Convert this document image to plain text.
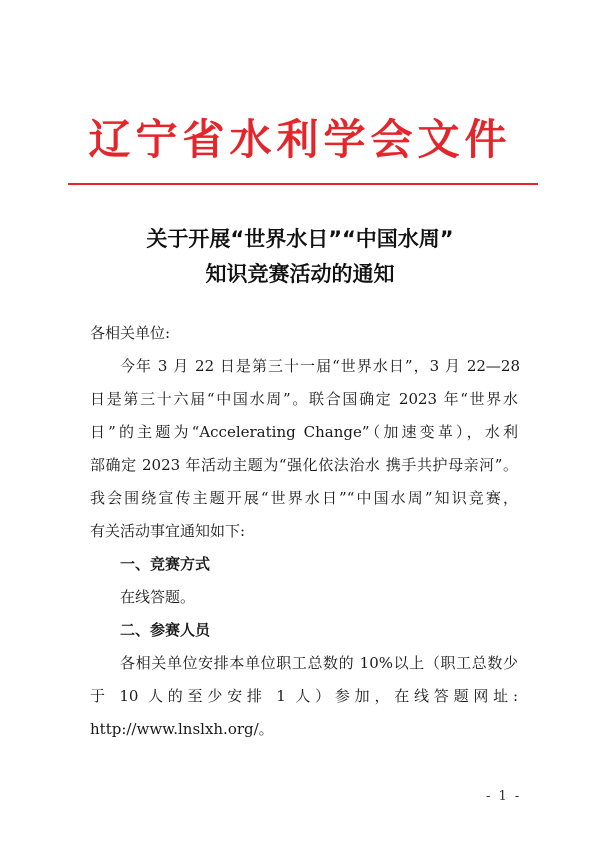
辽宁省水利学会文件
关于开展“世界水日”“中国水周”
知识竞赛活动的通知
各相关单位:
今年 3 月 22 日是第三十一届“世界水日”，3 月 22—28
日是第三十六届“中国水周”。联合国确定 2023 年“世界水
日”的主题为“Accelerating Change”（加速变革），水利
部确定 2023 年活动主题为“强化依法治水 携手共护母亲河”。
我会围绕宣传主题开展“世界水日”“中国水周”知识竞赛，
有关活动事宜通知如下:
一、竞赛方式
在线答题。
二、参赛人员
各相关单位安排本单位职工总数的 10%以上（职工总数少
于 10 人的至少安排 1 人）参加，在线答题网址:
http://www.lnslxh.org/。
- 1 -
